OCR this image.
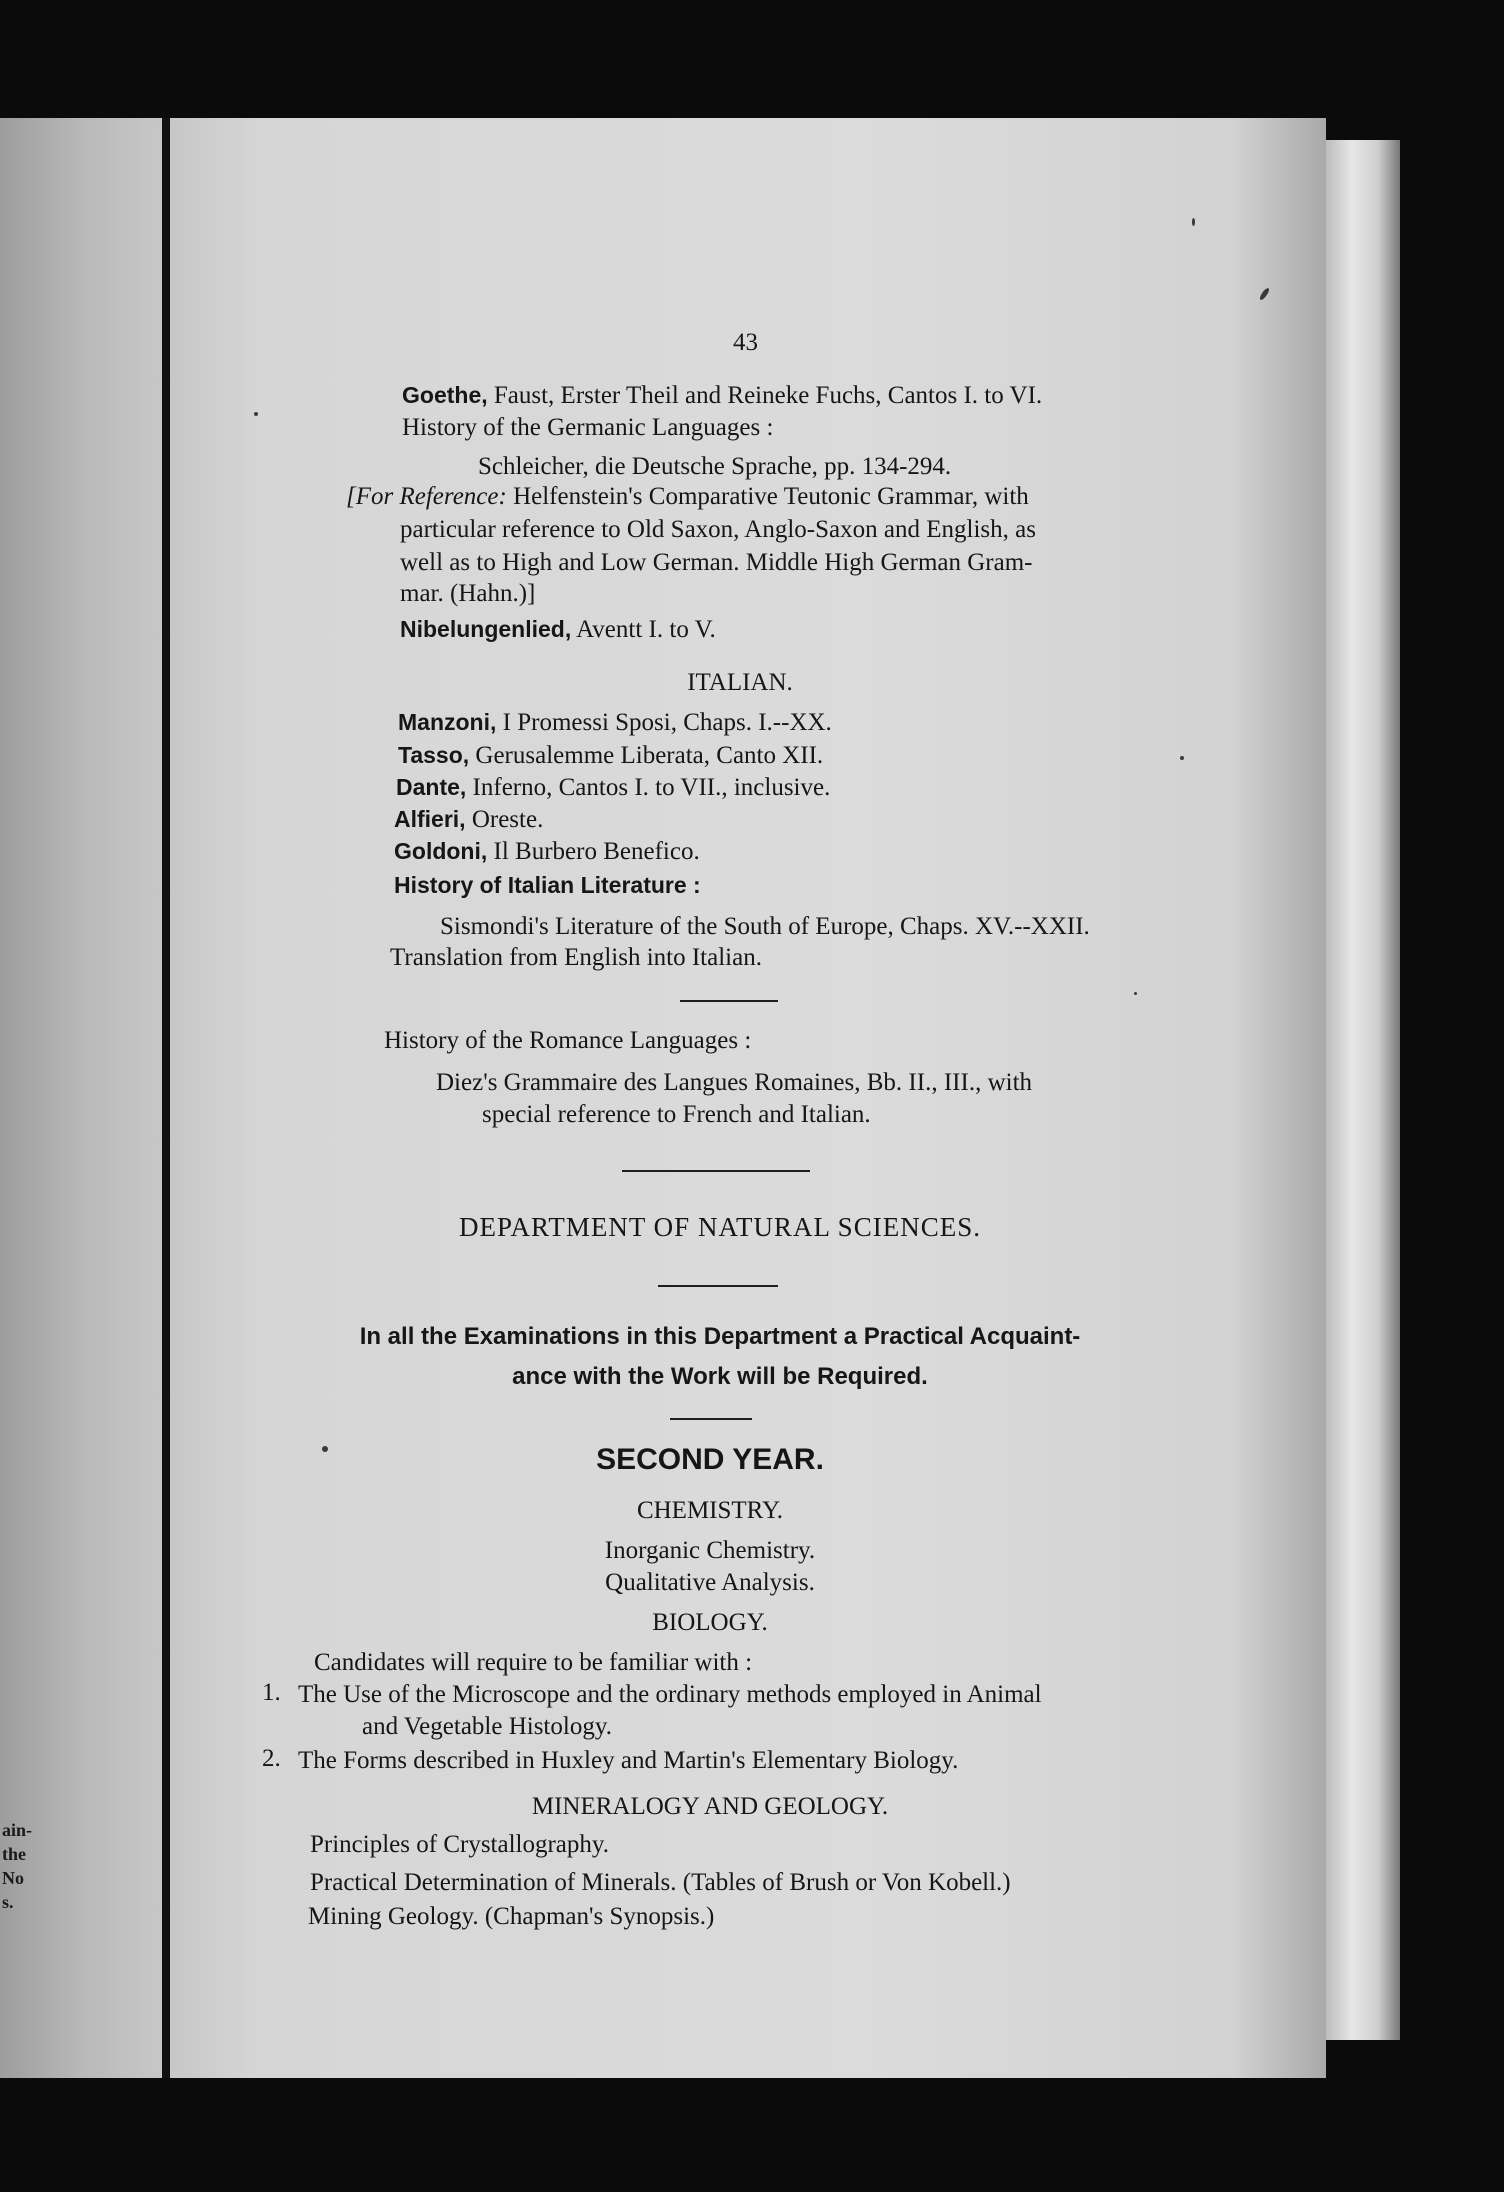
ain-
the
No
s.
43
Goethe, Faust, Erster Theil and Reineke Fuchs, Cantos I. to VI.
History of the Germanic Languages :
Schleicher, die Deutsche Sprache, pp. 134-294.
[For Reference: Helfenstein's Comparative Teutonic Grammar, with
particular reference to Old Saxon, Anglo-Saxon and English, as
well as to High and Low German. Middle High German Gram-
mar. (Hahn.)]
Nibelungenlied, Aventt I. to V.
ITALIAN.
Manzoni, I Promessi Sposi, Chaps. I.--XX.
Tasso, Gerusalemme Liberata, Canto XII.
Dante, Inferno, Cantos I. to VII., inclusive.
Alfieri, Oreste.
Goldoni, Il Burbero Benefico.
History of Italian Literature :
Sismondi's Literature of the South of Europe, Chaps. XV.--XXII.
Translation from English into Italian.
History of the Romance Languages :
Diez's Grammaire des Langues Romaines, Bb. II., III., with
special reference to French and Italian.
DEPARTMENT OF NATURAL SCIENCES.
In all the Examinations in this Department a Practical Acquaint-
ance with the Work will be Required.
SECOND YEAR.
CHEMISTRY.
Inorganic Chemistry.
Qualitative Analysis.
BIOLOGY.
Candidates will require to be familiar with :
1. The Use of the Microscope and the ordinary methods employed in Animal
and Vegetable Histology.
2. The Forms described in Huxley and Martin's Elementary Biology.
MINERALOGY AND GEOLOGY.
Principles of Crystallography.
Practical Determination of Minerals. (Tables of Brush or Von Kobell.)
Mining Geology. (Chapman's Synopsis.)
